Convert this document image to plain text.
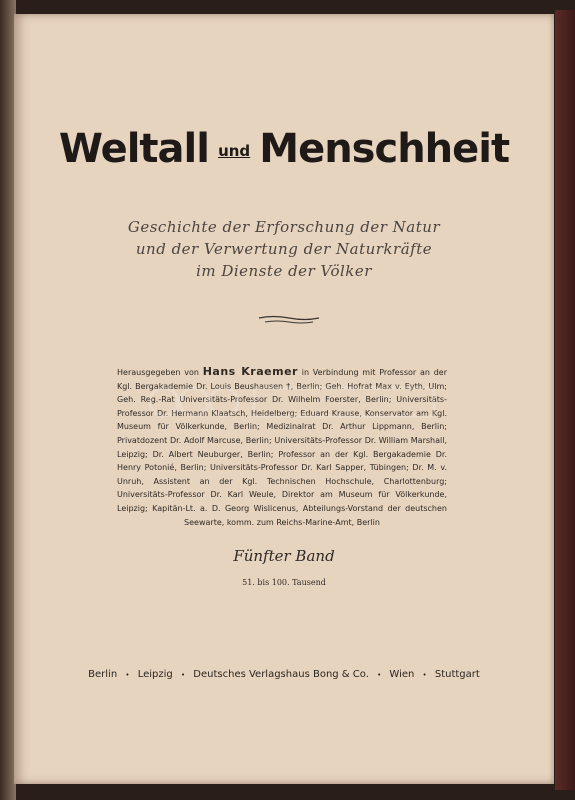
Weltall und Menschheit
Geschichte der Erforschung der Natur
und der Verwertung der Naturkräfte
im Dienste der Völker
Herausgegeben von Hans Kraemer in Verbindung mit Professor an der Kgl. Bergakademie Dr. Louis Beushausen †, Berlin; Geh. Hofrat Max v. Eyth, Ulm; Geh. Reg.-Rat Universitäts-Professor Dr. Wilhelm Foerster, Berlin; Universitäts-Professor Dr. Hermann Klaatsch, Heidelberg; Eduard Krause, Konservator am Kgl. Museum für Völkerkunde, Berlin; Medizinalrat Dr. Arthur Lippmann, Berlin; Privatdozent Dr. Adolf Marcuse, Berlin; Universitäts-Professor Dr. William Marshall, Leipzig; Dr. Albert Neuburger, Berlin; Professor an der Kgl. Bergakademie Dr. Henry Potonié, Berlin; Universitäts-Professor Dr. Karl Sapper, Tübingen; Dr. M. v. Unruh, Assistent an der Kgl. Technischen Hochschule, Charlottenburg; Universitäts-Professor Dr. Karl Weule, Direktor am Museum für Völkerkunde, Leipzig; Kapitän-Lt. a. D. Georg Wislicenus, Abteilungs-Vorstand der deutschen Seewarte, komm. zum Reichs-Marine-Amt, Berlin
Fünfter Band
51. bis 100. Tausend
Berlin • Leipzig • Deutsches Verlagshaus Bong & Co. • Wien • Stuttgart
